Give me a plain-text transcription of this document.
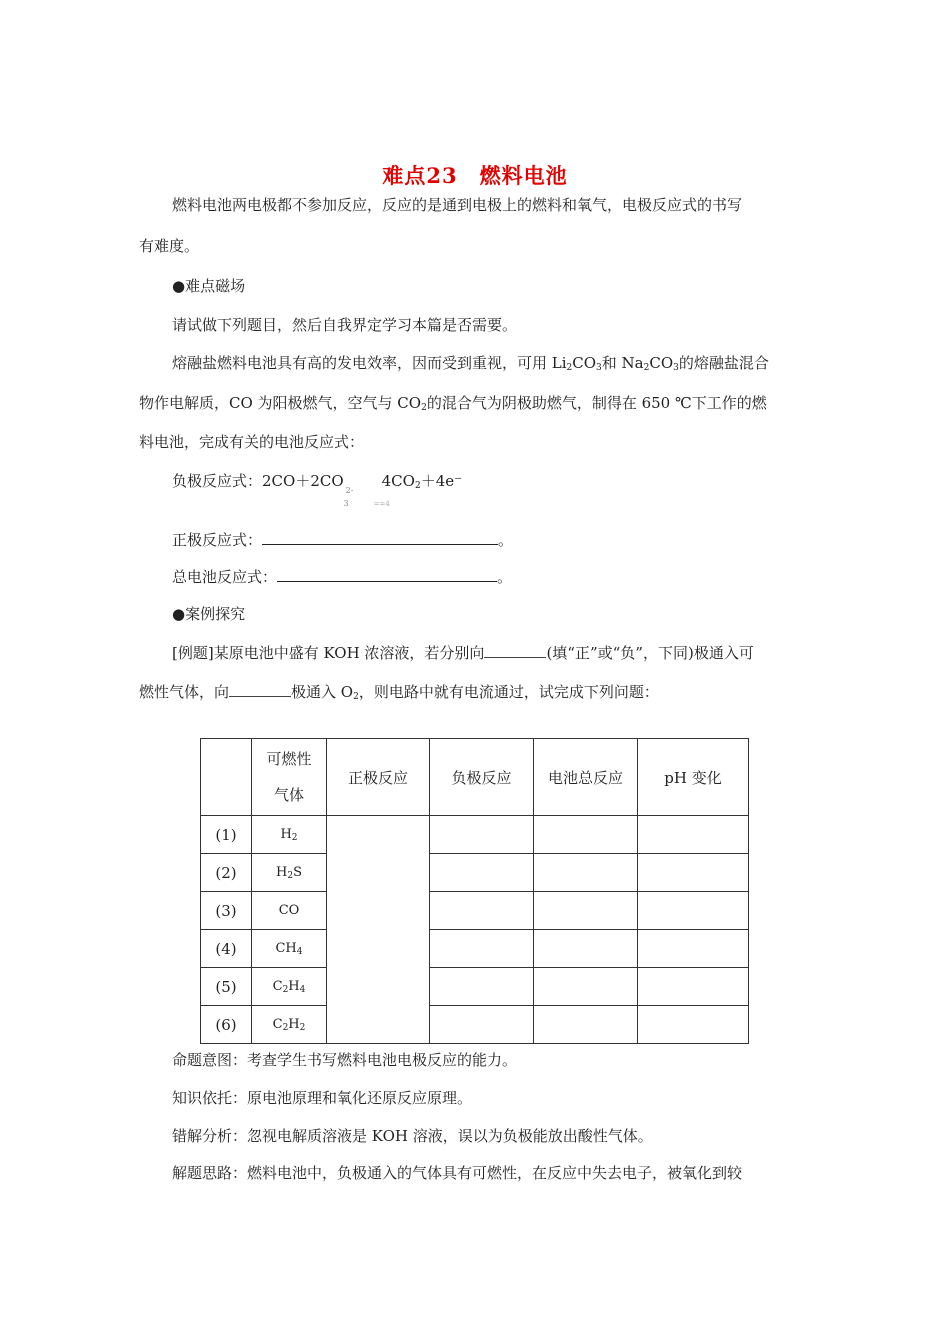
难点23 燃料电池
燃料电池两电极都不参加反应，反应的是通到电极上的燃料和氧气，电极反应式的书写
有难度。
●难点磁场
请试做下列题目，然后自我界定学习本篇是否需要。
熔融盐燃料电池具有高的发电效率，因而受到重视，可用 $Li_2CO_3$和 $Na_2CO_3$的熔融盐混合
物作电解质，CO 为阳极燃气，空气与 $CO_2$的混合气为阴极助燃气，制得在 650 ℃下工作的燃
料电池，完成有关的电池反应式：
负极反应式：2CO＋2CO
2-
3	==4
$4CO_2+4e^-$
正极反应式：	。
总电池反应式：	。
●案例探究
[例题]某原电池中盛有 KOH 浓溶液，若分别向	(填“正”或“负”，下同)极通入可
燃性气体，向	极通入 $O_2$，则电路中就有电流通过，试完成下列问题：

	可燃性
气体	正极反应	负极反应	电池总反应	pH 变化
(1)	$H_2$				
(2)	$H_2S$				
(3)	CO				
(4)	$CH_4$			
(5)	$C_2H_4$			
(6)	$C_2H_2$			
命题意图：考查学生书写燃料电池电极反应的能力。
知识依托：原电池原理和氧化还原反应原理。
错解分析：忽视电解质溶液是 KOH 溶液，误以为负极能放出酸性气体。
解题思路：燃料电池中，负极通入的气体具有可燃性，在反应中失去电子，被氧化到较
